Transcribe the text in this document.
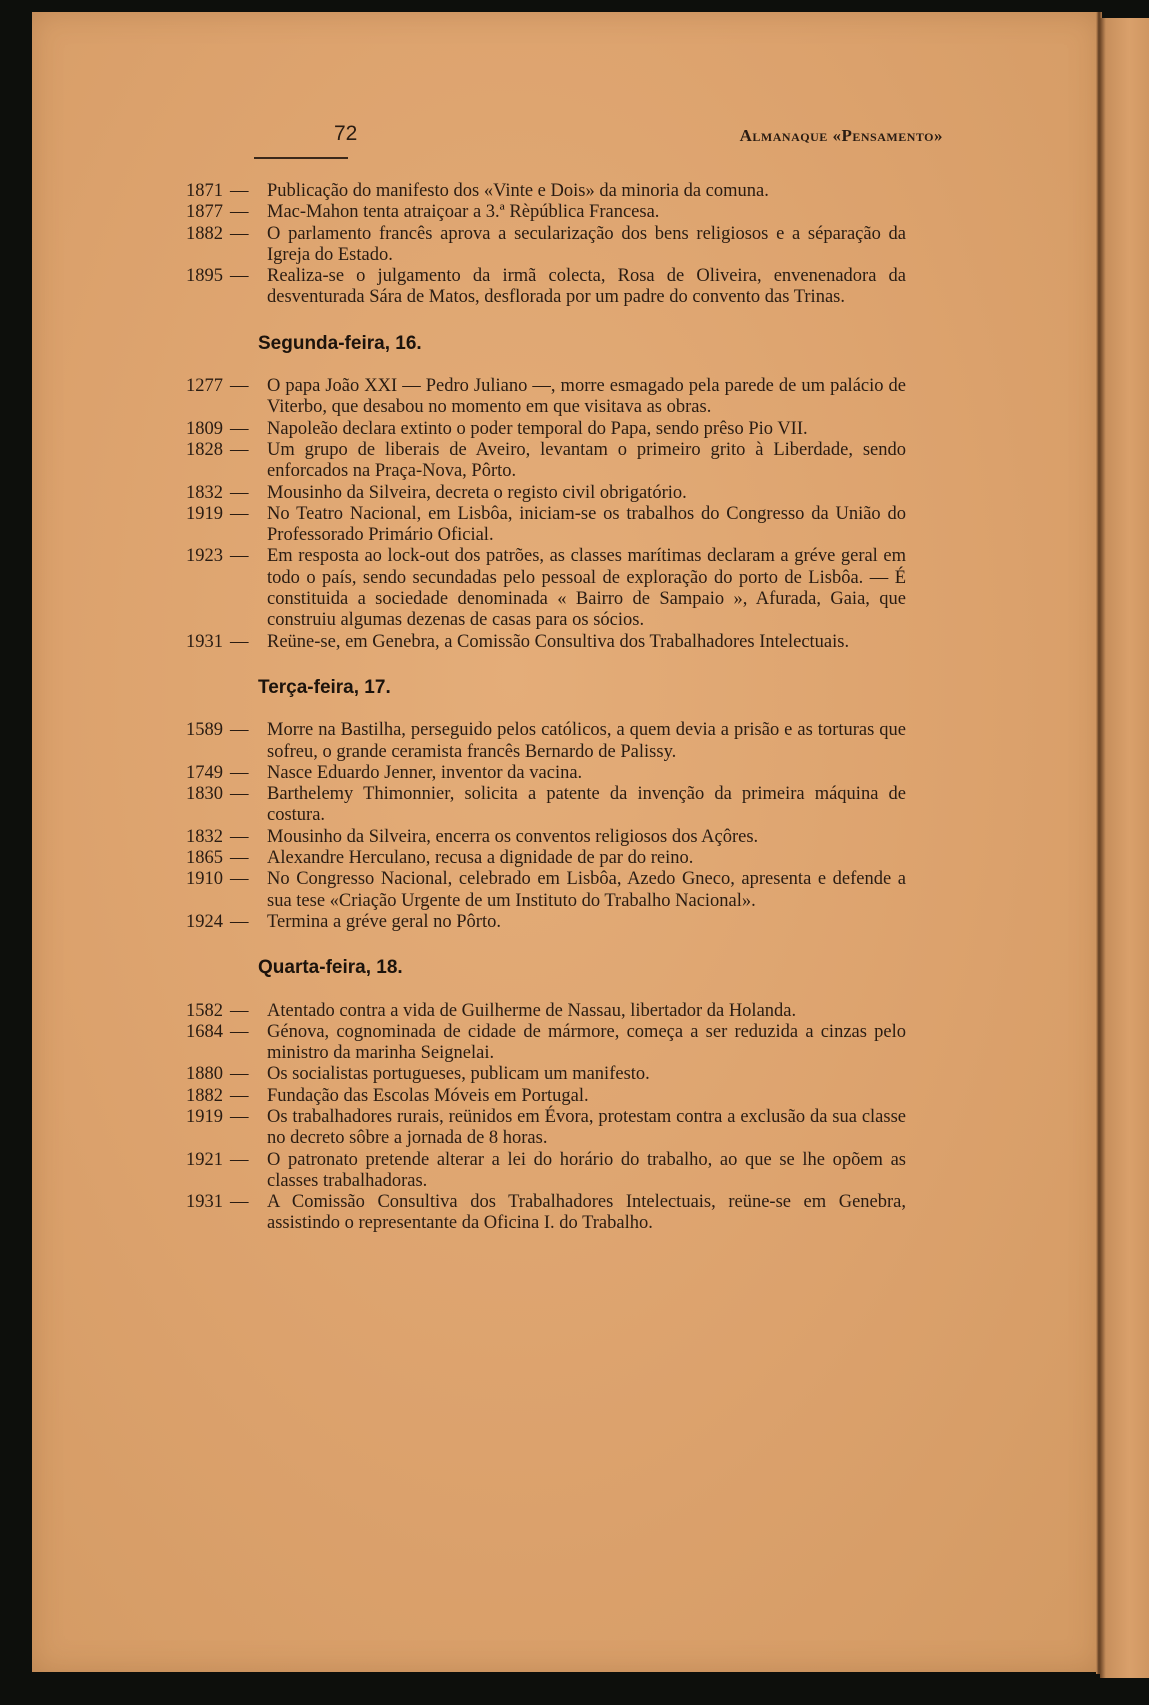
72	Almanaque «Pensamento»
1871 — Publicação do manifesto dos «Vinte e Dois» da minoria da comuna.
1877 — Mac-Mahon tenta atraiçoar a 3.ª Rèpública Francesa.
1882 — O parlamento francês aprova a secularização dos bens religiosos e a séparação da Igreja do Estado.
1895 — Realiza-se o julgamento da irmã colecta, Rosa de Oliveira, envenenadora da desventurada Sára de Matos, desflorada por um padre do convento das Trinas.
Segunda-feira, 16.
1277 — O papa João XXI — Pedro Juliano —, morre esmagado pela parede de um palácio de Viterbo, que desabou no momento em que visitava as obras.
1809 — Napoleão declara extinto o poder temporal do Papa, sendo prêso Pio VII.
1828 — Um grupo de liberais de Aveiro, levantam o primeiro grito à Liberdade, sendo enforcados na Praça-Nova, Pôrto.
1832 — Mousinho da Silveira, decreta o registo civil obrigatório.
1919 — No Teatro Nacional, em Lisbôa, iniciam-se os trabalhos do Congresso da União do Professorado Primário Oficial.
1923 — Em resposta ao lock-out dos patrões, as classes marítimas declaram a gréve geral em todo o país, sendo secundadas pelo pessoal de exploração do porto de Lisbôa. — É constituida a sociedade denominada « Bairro de Sampaio », Afurada, Gaia, que construiu algumas dezenas de casas para os sócios.
1931 — Reüne-se, em Genebra, a Comissão Consultiva dos Trabalhadores Intelectuais.
Terça-feira, 17.
1589 — Morre na Bastilha, perseguido pelos católicos, a quem devia a prisão e as torturas que sofreu, o grande ceramista francês Bernardo de Palissy.
1749 — Nasce Eduardo Jenner, inventor da vacina.
1830 — Barthelemy Thimonnier, solicita a patente da invenção da primeira máquina de costura.
1832 — Mousinho da Silveira, encerra os conventos religiosos dos Açôres.
1865 — Alexandre Herculano, recusa a dignidade de par do reino.
1910 — No Congresso Nacional, celebrado em Lisbôa, Azedo Gneco, apresenta e defende a sua tese «Criação Urgente de um Instituto do Trabalho Nacional».
1924 — Termina a gréve geral no Pôrto.
Quarta-feira, 18.
1582 — Atentado contra a vida de Guilherme de Nassau, libertador da Holanda.
1684 — Génova, cognominada de cidade de mármore, começa a ser reduzida a cinzas pelo ministro da marinha Seignelai.
1880 — Os socialistas portugueses, publicam um manifesto.
1882 — Fundação das Escolas Móveis em Portugal.
1919 — Os trabalhadores rurais, reünidos em Évora, protestam contra a exclusão da sua classe no decreto sôbre a jornada de 8 horas.
1921 — O patronato pretende alterar a lei do horário do trabalho, ao que se lhe opõem as classes trabalhadoras.
1931 — A Comissão Consultiva dos Trabalhadores Intelectuais, reüne-se em Genebra, assistindo o representante da Oficina I. do Trabalho.
